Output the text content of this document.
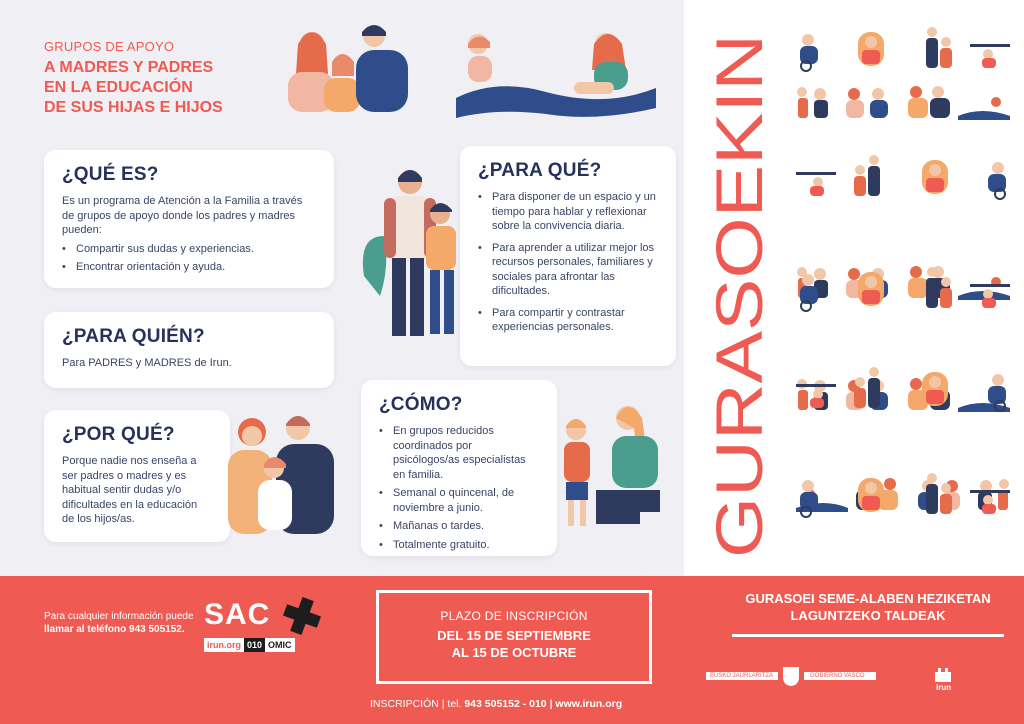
GRUPOS DE APOYO
A MADRES Y PADRES
EN LA EDUCACIÓN
DE SUS HIJAS E HIJOS
¿QUÉ ES?

Es un programa de Atención a la Familia a través de grupos de apoyo donde los padres y madres pueden:

• Compartir sus dudas y experiencias.
• Encontrar orientación y ayuda.
¿PARA QUIÉN?

Para PADRES y MADRES de Irun.

¿POR QUÉ?

Porque nadie nos enseña a ser padres o madres y es habitual sentir dudas y/o dificultades en la educación de los hijos/as.

¿PARA QUÉ?
• Para disponer de un espacio y un tiempo para hablar y reflexionar sobre la convivencia diaria.
• Para aprender a utilizar mejor los recursos personales, familiares y sociales para afrontar las dificultades.
• Para compartir y contrastar experiencias personales.
¿CÓMO?
• En grupos reducidos coordinados por psicólogos/as especialistas en familia.
• Semanal o quincenal, de noviembre a junio.
• Mañanas o tardes.
• Totalmente gratuito.	GURASOEKIN
Para cualquier información puede llamar al teléfono 943 505152. SAC
irun.org 010 OMIC
PLAZO DE INSCRIPCIÓN
DEL 15 DE SEPTIEMBRE
AL 15 DE OCTUBRE
INSCRIPCIÓN | tel. 943 505152 - 010 | www.irun.org
GURASOEI SEME-ALABEN HEZIKETAN
LAGUNTZEKO TALDEAK
EUSKO JAURLARITZA	GOBIERNO VASCO
irun
